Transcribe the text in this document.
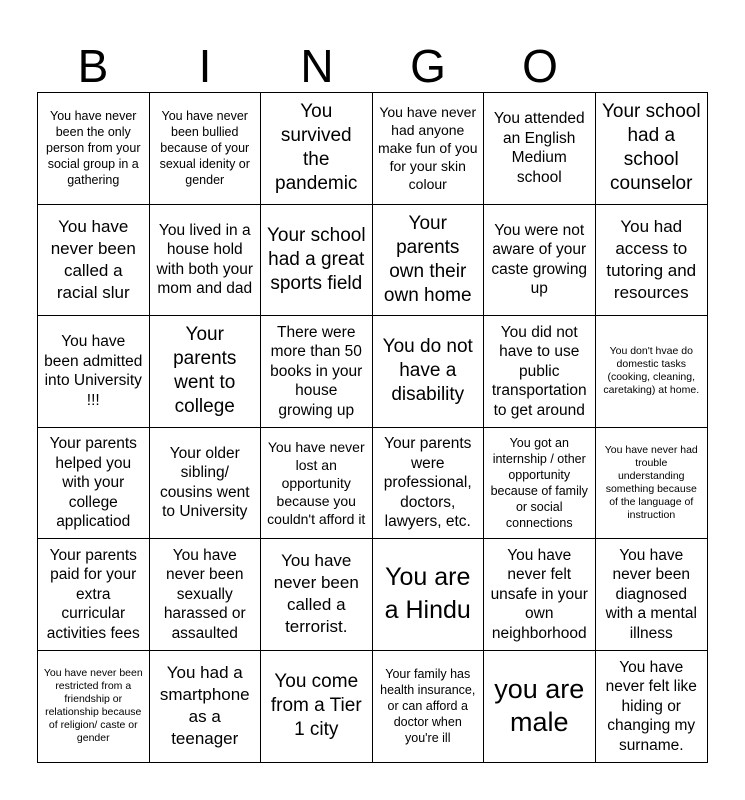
B	I	N	G	O
You have never been the only person from your social group in a gathering
You have never been bullied because of your sexual idenity or gender
You survived the pandemic
You have never had anyone make fun of you for your skin colour
You attended an English Medium school
Your school had a school counselor
You have never been called a racial slur
You lived in a house hold with both your mom and dad
Your school had a great sports field
Your parents own their own home
You were not aware of your caste growing up
You had access to tutoring and resources
You have been admitted into University !!!
Your parents went to college
There were more than 50 books in your house growing up
You do not have a disability
You did not have to use public transportation to get around
You don't hvae do domestic tasks (cooking, cleaning, caretaking) at home.
Your parents helped you with your college applicatiod
Your older sibling/ cousins went to University
You have never lost an opportunity because you couldn't afford it
Your parents were professional, doctors, lawyers, etc.
You got an internship / other opportunity because of family or social connections
You have never had trouble understanding something because of the language of instruction
Your parents paid for your extra curricular activities fees
You have never been sexually harassed or assaulted
You have never been called a terrorist.
You are a Hindu
You have never felt unsafe in your own neighborhood
You have never been diagnosed with a mental illness
You have never been restricted from a friendship or relationship because of religion/ caste or gender
You had a smartphone as a teenager
You come from a Tier 1 city
Your family has health insurance, or can afford a doctor when you're ill
you are male
You have never felt like hiding or changing my surname.
